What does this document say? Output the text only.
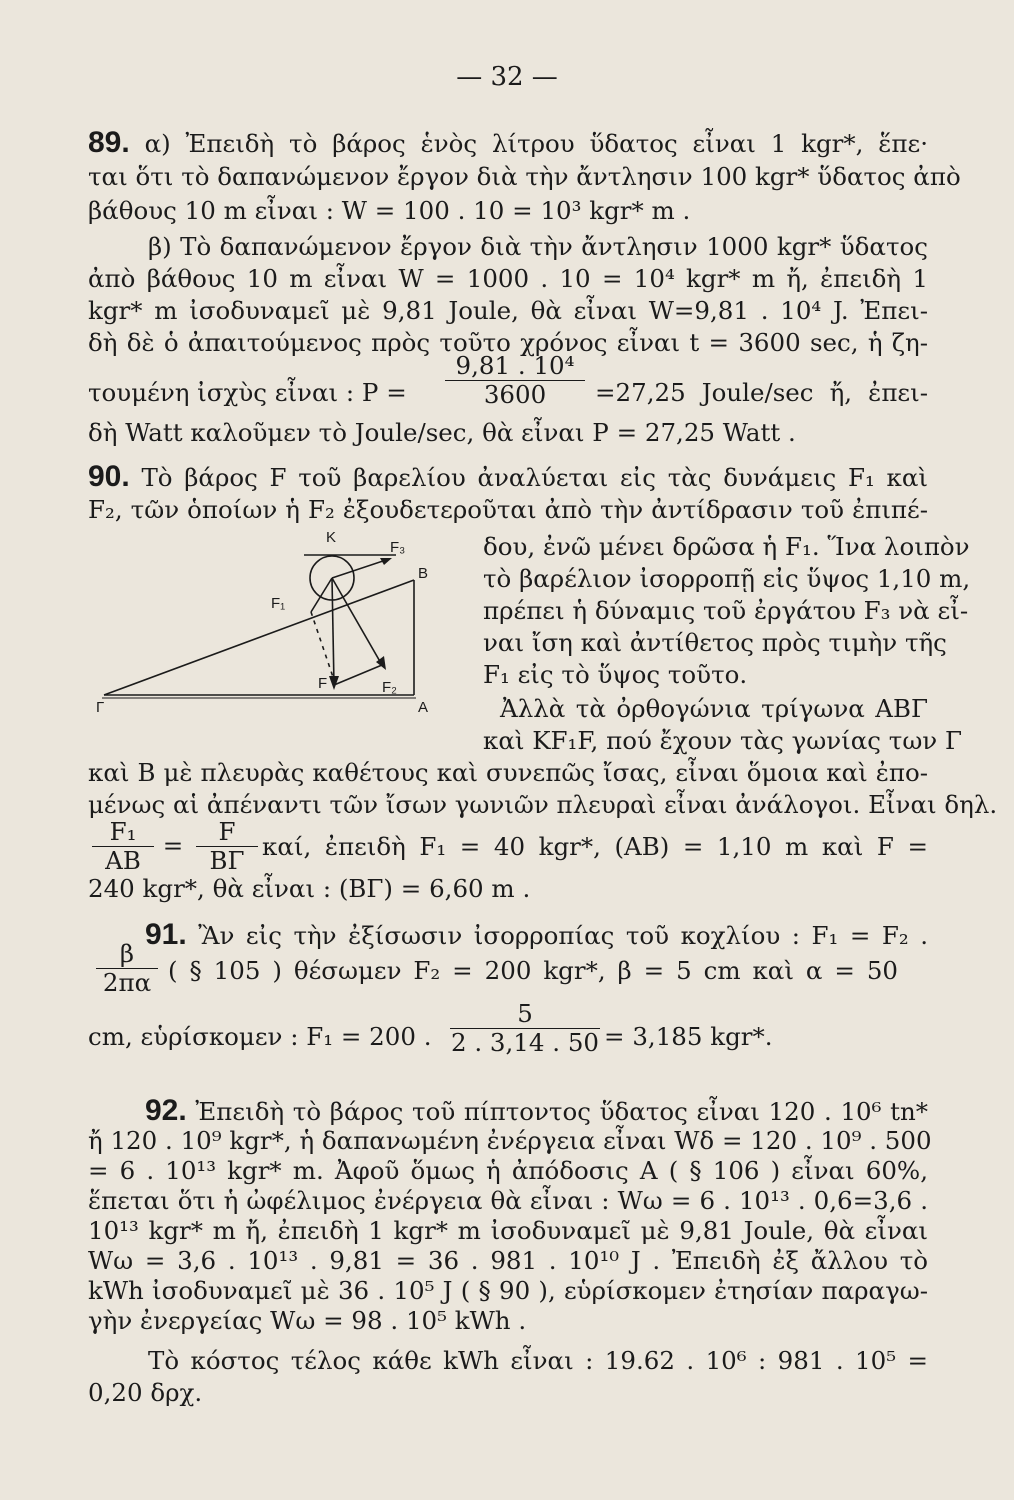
— 32 —
89. α) Ἐπειδὴ τὸ βάρος ἑνὸς λίτρου ὕδατος εἶναι 1 kgr*, ἕπε·
ται ὅτι τὸ δαπανώμενον ἔργον διὰ τὴν ἄντλησιν 100 kgr* ὕδατος ἀπὸ
βάθους 10 m εἶναι : W = 100 . 10 = 10³ kgr* m .
β) Τὸ δαπανώμενον ἔργον διὰ τὴν ἄντλησιν 1000 kgr* ὕδατος
ἀπὸ βάθους 10 m εἶναι W = 1000 . 10 = 10⁴ kgr* m ἤ, ἐπειδὴ 1
kgr* m ἰσοδυναμεῖ μὲ 9,81 Joule, θὰ εἶναι W=9,81 . 10⁴ J. Ἐπει-
δὴ δὲ ὁ ἀπαιτούμενος πρὸς τοῦτο χρόνος εἶναι t = 3600 sec, ἡ ζη-
τουμένη ἰσχὺς εἶναι : P =	$\frac{\text{9,81 . 10⁴}}{3600} =27,25$ Joule/sec ἤ, ἐπει-
δὴ Watt καλοῦμεν τὸ Joule/sec, θὰ εἶναι P = 27,25 Watt .
90. Τὸ βάρος F τοῦ βαρελίου ἀναλύεται εἰς τὰς δυνάμεις F₁ καὶ
F₂, τῶν ὁποίων ἡ F₂ ἐξουδετεροῦται ἀπὸ τὴν ἀντίδρασιν τοῦ ἐπιπέ-
K
F₃
B
F₁
F	F₂
Γ	A
δου, ἐνῶ μένει δρῶσα ἡ F₁. Ἵνα λοιπὸν
τὸ βαρέλιον ἰσορροπῇ εἰς ὕψος 1,10 m,
πρέπει ἡ δύναμις τοῦ ἐργάτου F₃ νὰ εἶ-
ναι ἴση καὶ ἀντίθετος πρὸς τιμὴν τῆς
F₁ εἰς τὸ ὕψος τοῦτο.
Ἀλλὰ τὰ ὀρθογώνια τρίγωνα ΑΒΓ
καὶ KF₁F, πού ἔχουν τὰς γωνίας των Γ
καὶ Β μὲ πλευρὰς καθέτους καὶ συνεπῶς ἴσας, εἶναι ὅμοια καὶ ἐπο-
μένως αἱ ἀπέναντι τῶν ἴσων γωνιῶν πλευραὶ εἶναι ἀνάλογοι. Εἶναι δηλ.
$\frac{\text{F₁}}{AB} = \frac{F}{B\Gamma} \kappa\alpha ί$, ἐπειδὴ F₁ = 40 kgr*, (AB) = 1,10 m καὶ F =
240 kgr*, θὰ εἶναι : (ΒΓ) = 6,60 m .
91. Ἂν εἰς τὴν ἐξίσωσιν ἰσορροπίας τοῦ κοχλίου : F₁ = F₂ .
$\frac{\beta}{2\pi\alpha}$ ( § 105 ) θέσωμεν F₂ = 200 kgr*, β = 5 cm καὶ α = 50
cm, εὑρίσκομεν : F₁ = 200 . $\frac{5}{2 . 3,14 . 50} = 3,185$ kgr*.
92. Ἐπειδὴ τὸ βάρος τοῦ πίπτοντος ὕδατος εἶναι 120 . 10⁶ tn*
ἤ 120 . 10⁹ kgr*, ἡ δαπανωμένη ἐνέργεια εἶναι Wδ = 120 . 10⁹ . 500
= 6 . 10¹³ kgr* m. Ἀφοῦ ὅμως ἡ ἀπόδοσις A ( § 106 ) εἶναι 60%,
ἕπεται ὅτι ἡ ὠφέλιμος ἐνέργεια θὰ εἶναι : Wω = 6 . 10¹³ . 0,6=3,6 .
10¹³ kgr* m ἤ, ἐπειδὴ 1 kgr* m ἰσοδυναμεῖ μὲ 9,81 Joule, θὰ εἶναι
Wω = 3,6 . 10¹³ . 9,81 = 36 . 981 . 10¹⁰ J . Ἐπειδὴ ἐξ ἄλλου τὸ
kWh ἰσοδυναμεῖ μὲ 36 . 10⁵ J ( § 90 ), εὑρίσκομεν ἐτησίαν παραγω-
γὴν ἐνεργείας Wω = 98 . 10⁵ kWh .
Τὸ κόστος τέλος κάθε kWh εἶναι : 19.62 . 10⁶ : 981 . 10⁵ =
0,20 δρχ.
